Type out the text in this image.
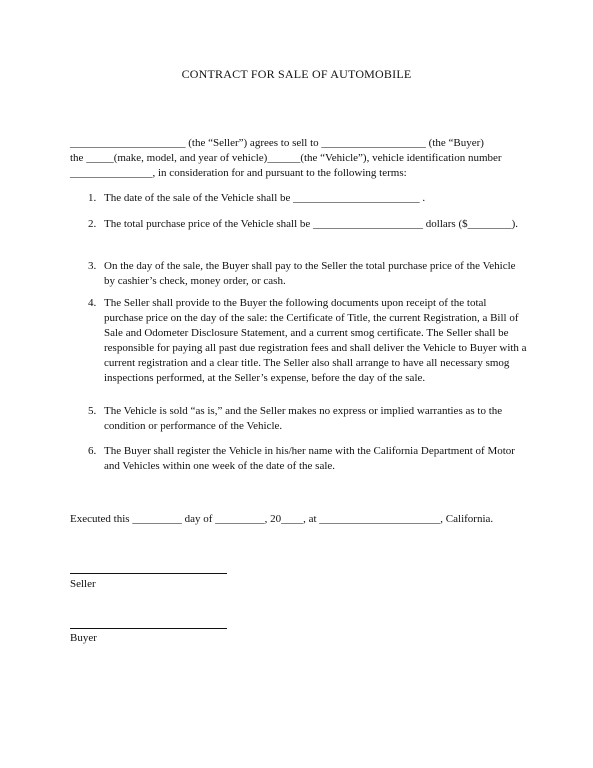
CONTRACT FOR SALE OF AUTOMOBILE
_____________________ (the “Seller”) agrees to sell to ___________________ (the “Buyer)
the _____(make, model, and year of vehicle)______(the “Vehicle”), vehicle identification number
_______________, in consideration for and pursuant to the following terms:
1. The date of the sale of the Vehicle shall be _______________________ .
2. The total purchase price of the Vehicle shall be ____________________ dollars ($________).
3. On the day of the sale, the Buyer shall pay to the Seller the total purchase price of the Vehicle by cashier’s check, money order, or cash.
4. The Seller shall provide to the Buyer the following documents upon receipt of the total purchase price on the day of the sale: the Certificate of Title, the current Registration, a Bill of Sale and Odometer Disclosure Statement, and a current smog certificate. The Seller shall be responsible for paying all past due registration fees and shall deliver the Vehicle to Buyer with a current registration and a clear title. The Seller also shall arrange to have all necessary smog inspections performed, at the Seller’s expense, before the day of the sale.
5. The Vehicle is sold “as is,” and the Seller makes no express or implied warranties as to the condition or performance of the Vehicle.
6. The Buyer shall register the Vehicle in his/her name with the California Department of Motor and Vehicles within one week of the date of the sale.
Executed this _________ day of _________, 20____, at ______________________, California.
Seller
Buyer
